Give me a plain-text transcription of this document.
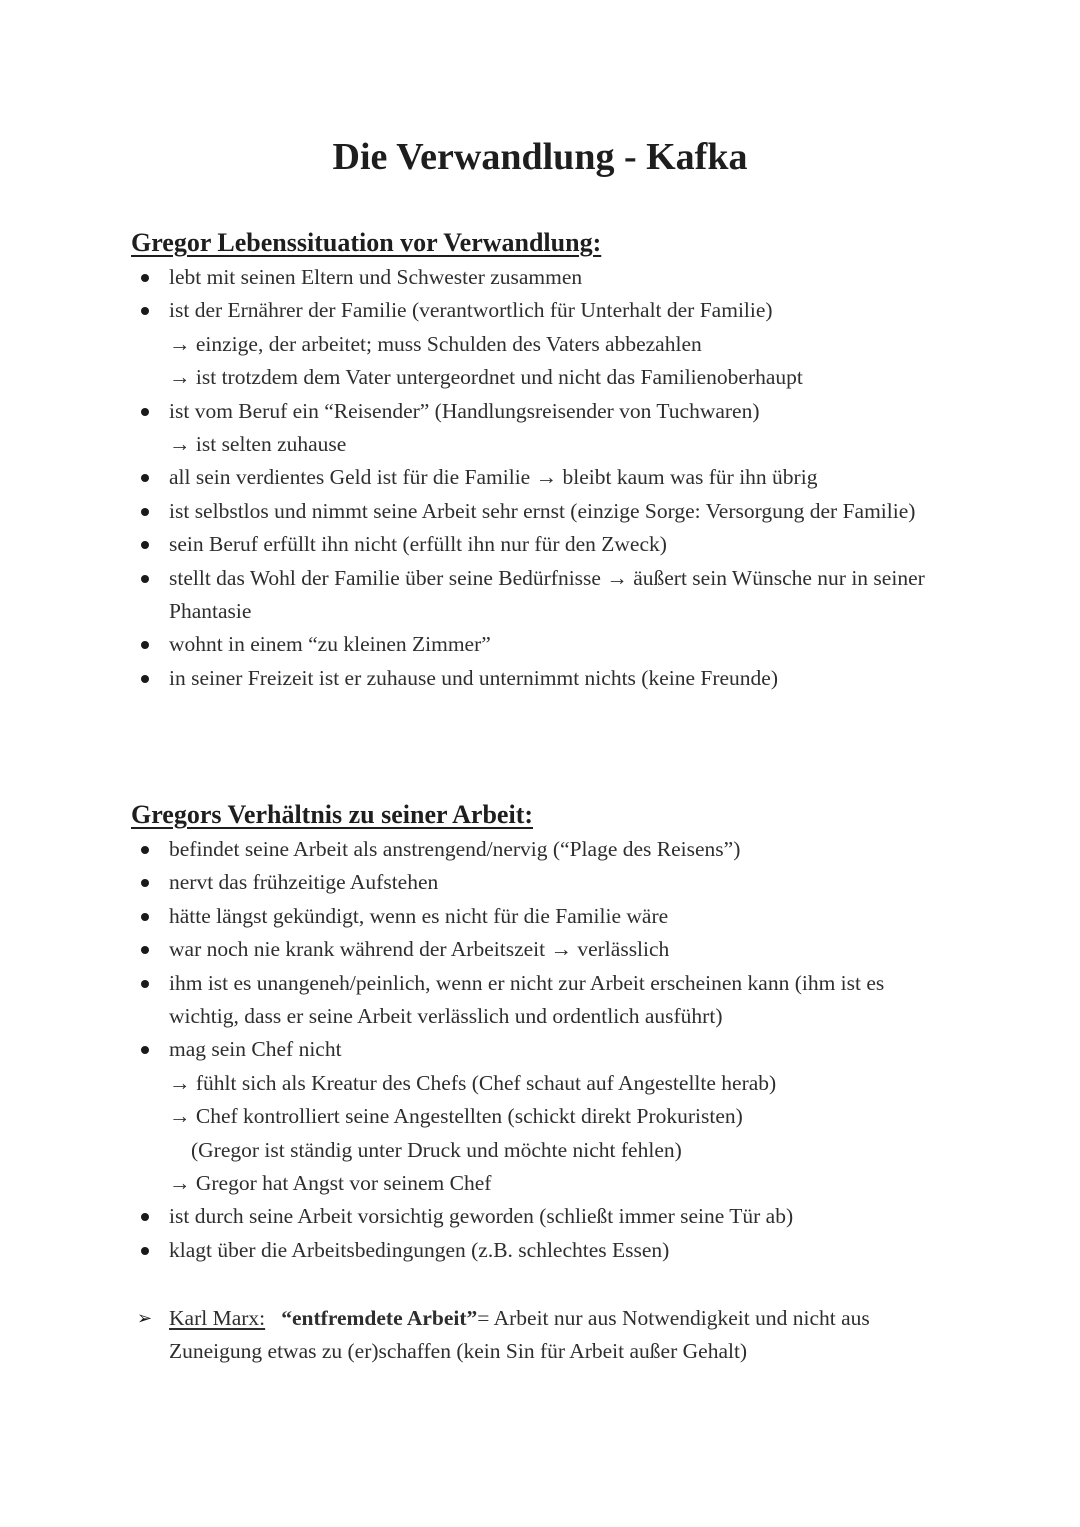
Die Verwandlung - Kafka
Gregor Lebenssituation vor Verwandlung:
lebt mit seinen Eltern und Schwester zusammen
ist der Ernährer der Familie (verantwortlich für Unterhalt der Familie)
→ einzige, der arbeitet; muss Schulden des Vaters abbezahlen
→ ist trotzdem dem Vater untergeordnet und nicht das Familienoberhaupt
ist vom Beruf ein “Reisender” (Handlungsreisender von Tuchwaren)
→ ist selten zuhause
all sein verdientes Geld ist für die Familie → bleibt kaum was für ihn übrig
ist selbstlos und nimmt seine Arbeit sehr ernst (einzige Sorge: Versorgung der Familie)
sein Beruf erfüllt ihn nicht (erfüllt ihn nur für den Zweck)
stellt das Wohl der Familie über seine Bedürfnisse → äußert sein Wünsche nur in seiner Phantasie
wohnt in einem “zu kleinen Zimmer”
in seiner Freizeit ist er zuhause und unternimmt nichts (keine Freunde)
Gregors Verhältnis zu seiner Arbeit:
befindet seine Arbeit als anstrengend/nervig (“Plage des Reisens”)
nervt das frühzeitige Aufstehen
hätte längst gekündigt, wenn es nicht für die Familie wäre
war noch nie krank während der Arbeitszeit → verlässlich
ihm ist es unangeneh/peinlich, wenn er nicht zur Arbeit erscheinen kann (ihm ist es wichtig, dass er seine Arbeit verlässlich und ordentlich ausführt)
mag sein Chef nicht
→ fühlt sich als Kreatur des Chefs (Chef schaut auf Angestellte herab)
→ Chef kontrolliert seine Angestellten (schickt direkt Prokuristen)
(Gregor ist ständig unter Druck und möchte nicht fehlen)
→ Gregor hat Angst vor seinem Chef
ist durch seine Arbeit vorsichtig geworden (schließt immer seine Tür ab)
klagt über die Arbeitsbedingungen (z.B. schlechtes Essen)
➢ Karl Marx: “entfremdete Arbeit”= Arbeit nur aus Notwendigkeit und nicht aus Zuneigung etwas zu (er)schaffen (kein Sin für Arbeit außer Gehalt)
